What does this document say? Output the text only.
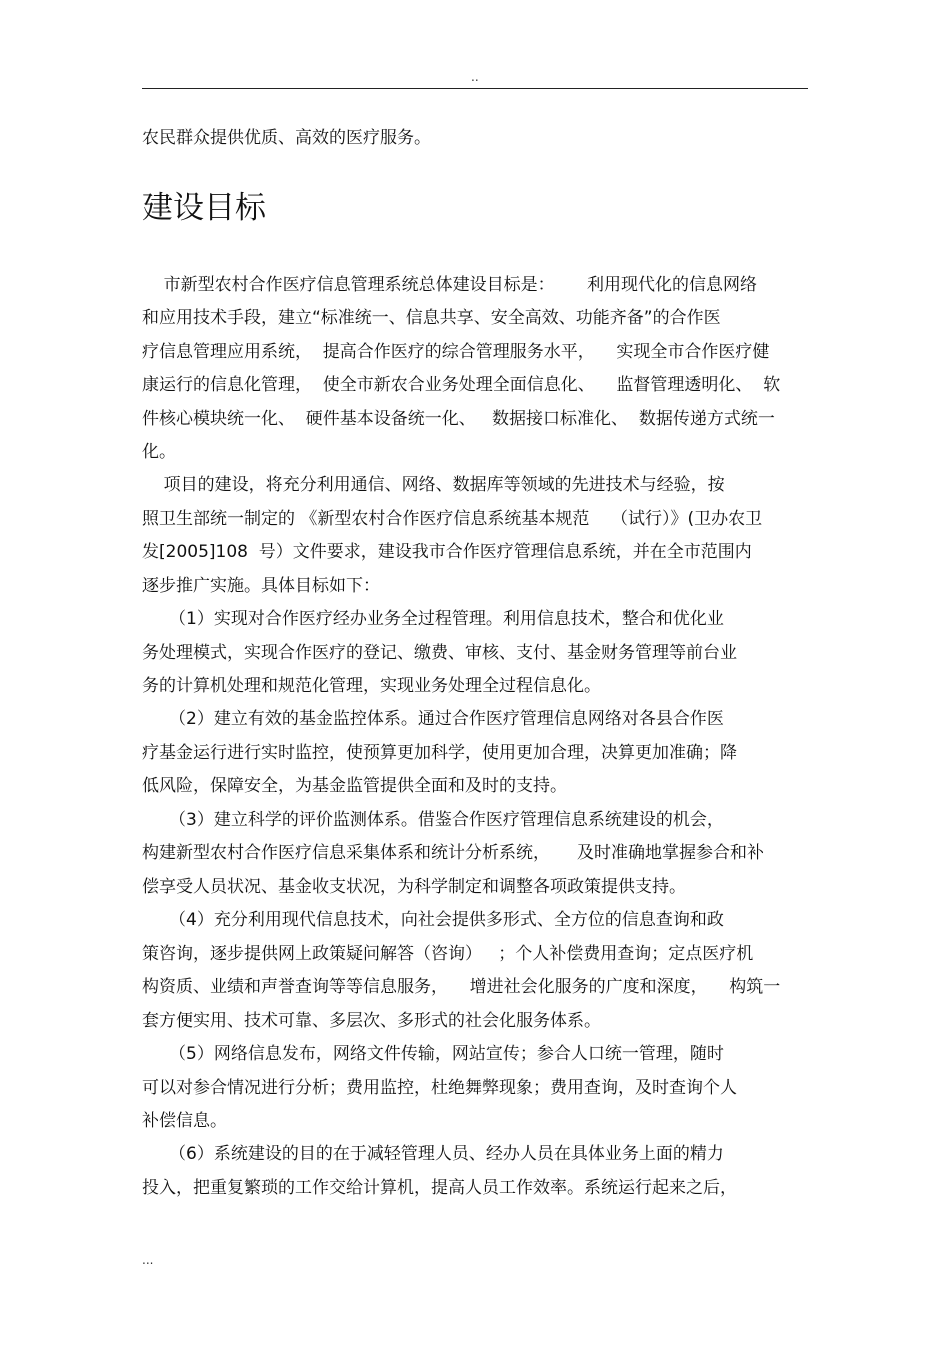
..
农民群众提供优质、高效的医疗服务。
建设目标
市新型农村合作医疗信息管理系统总体建设目标是：      利用现代化的信息网络
和应用技术手段，建立“标准统一、信息共享、安全高效、功能齐备”的合作医
疗信息管理应用系统，  提高合作医疗的综合管理服务水平，    实现全市合作医疗健
康运行的信息化管理，  使全市新农合业务处理全面信息化、    监督管理透明化、  软
件核心模块统一化、  硬件基本设备统一化、   数据接口标准化、  数据传递方式统一
化。
项目的建设，将充分利用通信、网络、数据库等领域的先进技术与经验，按
照卫生部统一制定的 《新型农村合作医疗信息系统基本规范    （试行）》(卫办农卫
发[2005]108  号）文件要求，建设我市合作医疗管理信息系统，并在全市范围内
逐步推广实施。具体目标如下：
（1）实现对合作医疗经办业务全过程管理。利用信息技术，整合和优化业
务处理模式，实现合作医疗的登记、缴费、审核、支付、基金财务管理等前台业
务的计算机处理和规范化管理，实现业务处理全过程信息化。
（2）建立有效的基金监控体系。通过合作医疗管理信息网络对各县合作医
疗基金运行进行实时监控，使预算更加科学，使用更加合理，决算更加准确；降
低风险，保障安全，为基金监管提供全面和及时的支持。
（3）建立科学的评价监测体系。借鉴合作医疗管理信息系统建设的机会，
构建新型农村合作医疗信息采集体系和统计分析系统，     及时准确地掌握参合和补
偿享受人员状况、基金收支状况，为科学制定和调整各项政策提供支持。
（4）充分利用现代信息技术，向社会提供多形式、全方位的信息查询和政
策咨询，逐步提供网上政策疑问解答（咨询）   ；个人补偿费用查询；定点医疗机
构资质、业绩和声誉查询等等信息服务，    增进社会化服务的广度和深度，    构筑一
套方便实用、技术可靠、多层次、多形式的社会化服务体系。
（5）网络信息发布，网络文件传输，网站宣传；参合人口统一管理，随时
可以对参合情况进行分析；费用监控，杜绝舞弊现象；费用查询，及时查询个人
补偿信息。
（6）系统建设的目的在于减轻管理人员、经办人员在具体业务上面的精力
投入，把重复繁琐的工作交给计算机，提高人员工作效率。系统运行起来之后，
...
